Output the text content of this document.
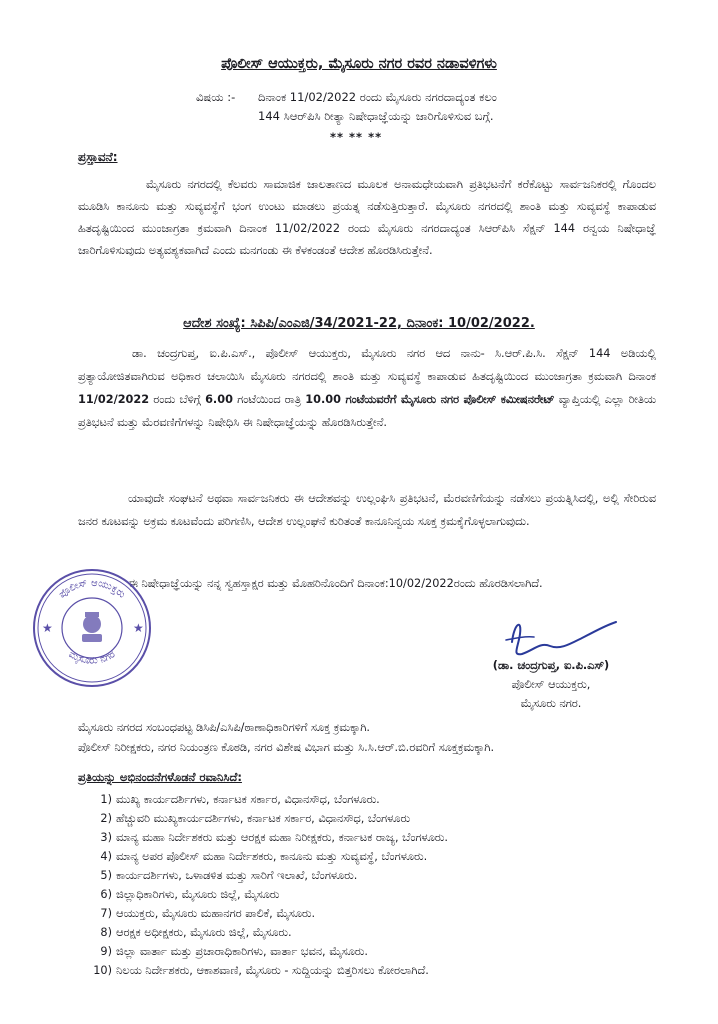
ಪೊಲೀಸ್ ಆಯುಕ್ತರು, ಮೈಸೂರು ನಗರ ರವರ ನಡಾವಳಿಗಳು
ವಿಷಯ :- ದಿನಾಂಕ 11/02/2022 ರಂದು ಮೈಸೂರು ನಗರದಾದ್ಯಂತ ಕಲಂ
144 ಸಿಆರ್‌ಪಿಸಿ ರೀತ್ಯಾ ನಿಷೇಧಾಜ್ಞೆಯನ್ನು ಜಾರಿಗೊಳಿಸುವ ಬಗ್ಗೆ.
** ** **
ಪ್ರಸ್ತಾವನೆ:
ಮೈಸೂರು ನಗರದಲ್ಲಿ ಕೆಲವರು ಸಾಮಾಜಿಕ ಜಾಲತಾಣದ ಮೂಲಕ ಅನಾಮಧೇಯವಾಗಿ ಪ್ರತಿಭಟನೆಗೆ ಕರೆಕೊಟ್ಟು ಸಾರ್ವಜನಿಕರಲ್ಲಿ ಗೊಂದಲ ಮೂಡಿಸಿ ಕಾನೂನು ಮತ್ತು ಸುವ್ಯವಸ್ಥೆಗೆ ಭಂಗ ಉಂಟು ಮಾಡಲು ಪ್ರಯತ್ನ ನಡೆಸುತ್ತಿರುತ್ತಾರೆ. ಮೈಸೂರು ನಗರದಲ್ಲಿ ಶಾಂತಿ ಮತ್ತು ಸುವ್ಯವಸ್ಥೆ ಕಾಪಾಡುವ ಹಿತದೃಷ್ಟಿಯಿಂದ ಮುಂಜಾಗ್ರತಾ ಕ್ರಮವಾಗಿ ದಿನಾಂಕ 11/02/2022 ರಂದು ಮೈಸೂರು ನಗರದಾದ್ಯಂತ ಸಿಆರ್‌ಪಿಸಿ ಸೆಕ್ಷನ್ 144 ರನ್ವಯ ನಿಷೇಧಾಜ್ಞೆ ಜಾರಿಗೊಳಿಸುವುದು ಅತ್ಯವಶ್ಯಕವಾಗಿದೆ ಎಂದು ಮನಗಂಡು ಈ ಕೆಳಕಂಡಂತೆ ಆದೇಶ ಹೊರಡಿಸಿರುತ್ತೇನೆ.
ಆದೇಶ ಸಂಖ್ಯೆ: ಸಿಪಿಪಿ/ಎಂಎಜಿ/34/2021-22, ದಿನಾಂಕ: 10/02/2022.
ಡಾ. ಚಂದ್ರಗುಪ್ತ, ಐ.ಪಿ.ಎಸ್., ಪೊಲೀಸ್ ಆಯುಕ್ತರು, ಮೈಸೂರು ನಗರ ಆದ ನಾನು- ಸಿ.ಆರ್.ಪಿ.ಸಿ. ಸೆಕ್ಷನ್ 144 ಅಡಿಯಲ್ಲಿ ಪ್ರತ್ಯಾಯೋಜಿತವಾಗಿರುವ ಅಧಿಕಾರ ಚಲಾಯಿಸಿ ಮೈಸೂರು ನಗರದಲ್ಲಿ ಶಾಂತಿ ಮತ್ತು ಸುವ್ಯವಸ್ಥೆ ಕಾಪಾಡುವ ಹಿತದೃಷ್ಟಿಯಿಂದ ಮುಂಜಾಗ್ರತಾ ಕ್ರಮವಾಗಿ ದಿನಾಂಕ 11/02/2022 ರಂದು ಬೆಳಿಗ್ಗೆ 6.00 ಗಂಟೆಯಿಂದ ರಾತ್ರಿ 10.00 ಗಂಟೆಯವರೆಗೆ ಮೈಸೂರು ನಗರ ಪೊಲೀಸ್ ಕಮೀಷನರೇಟ್ ವ್ಯಾಪ್ತಿಯಲ್ಲಿ ಎಲ್ಲಾ ರೀತಿಯ ಪ್ರತಿಭಟನೆ ಮತ್ತು ಮೆರವಣಿಗೆಗಳನ್ನು ನಿಷೇಧಿಸಿ ಈ ನಿಷೇಧಾಜ್ಞೆಯನ್ನು ಹೊರಡಿಸಿರುತ್ತೇನೆ.
ಯಾವುದೇ ಸಂಘಟನೆ ಅಥವಾ ಸಾರ್ವಜನಿಕರು ಈ ಆದೇಶವನ್ನು ಉಲ್ಲಂಘಿಸಿ ಪ್ರತಿಭಟನೆ, ಮೆರವಣಿಗೆಯನ್ನು ನಡೆಸಲು ಪ್ರಯತ್ನಿಸಿದಲ್ಲಿ, ಅಲ್ಲಿ ಸೇರಿರುವ ಜನರ ಕೂಟವನ್ನು ಅಕ್ರಮ ಕೂಟವೆಂದು ಪರಿಗಣಿಸಿ, ಆದೇಶ ಉಲ್ಲಂಘನೆ ಕುರಿತಂತೆ ಕಾನೂನಿನ್ವಯ ಸೂಕ್ತ ಕ್ರಮಕೈಗೊಳ್ಳಲಾಗುವುದು.
ಈ ನಿಷೇಧಾಜ್ಞೆಯನ್ನು ನನ್ನ ಸ್ವಹಸ್ತಾಕ್ಷರ ಮತ್ತು ಮೊಹರಿನೊಂದಿಗೆ ದಿನಾಂಕ:10/02/2022ರಂದು ಹೊರಡಿಸಲಾಗಿದೆ.
ಪೊಲೀಸ್ ಆಯುಕ್ತರು
ಮೈಸೂರು ನಗರ
★	★
(ಡಾ. ಚಂದ್ರಗುಪ್ತ, ಐ.ಪಿ.ಎಸ್)
ಪೊಲೀಸ್ ಆಯುಕ್ತರು,
ಮೈಸೂರು ನಗರ.
ಮೈಸೂರು ನಗರದ ಸಂಬಂಧಪಟ್ಟ ಡಿಸಿಪಿ/ಎಸಿಪಿ/ಠಾಣಾಧಿಕಾರಿಗಳಿಗೆ ಸೂಕ್ತ ಕ್ರಮಕ್ಕಾಗಿ.
ಪೊಲೀಸ್ ನಿರೀಕ್ಷಕರು, ನಗರ ನಿಯಂತ್ರಣ ಕೊಠಡಿ, ನಗರ ವಿಶೇಷ ವಿಭಾಗ ಮತ್ತು ಸಿ.ಸಿ.ಆರ್.ಬಿ.ರವರಿಗೆ ಸೂಕ್ತಕ್ರಮಕ್ಕಾಗಿ.
ಪ್ರತಿಯನ್ನು ಅಭಿನಂದನೆಗಳೊಡನೆ ರವಾನಿಸಿದೆ:
1) ಮುಖ್ಯ ಕಾರ್ಯದರ್ಶಿಗಳು, ಕರ್ನಾಟಕ ಸರ್ಕಾರ, ವಿಧಾನಸೌಧ, ಬೆಂಗಳೂರು.
2) ಹೆಚ್ಚುವರಿ ಮುಖ್ಯಕಾರ್ಯದರ್ಶಿಗಳು, ಕರ್ನಾಟಕ ಸರ್ಕಾರ, ವಿಧಾನಸೌಧ, ಬೆಂಗಳೂರು
3) ಮಾನ್ಯ ಮಹಾ ನಿರ್ದೇಶಕರು ಮತ್ತು ಆರಕ್ಷಕ ಮಹಾ ನಿರೀಕ್ಷಕರು, ಕರ್ನಾಟಕ ರಾಜ್ಯ, ಬೆಂಗಳೂರು.
4) ಮಾನ್ಯ ಅಪರ ಪೊಲೀಸ್ ಮಹಾ ನಿರ್ದೇಶಕರು, ಕಾನೂನು ಮತ್ತು ಸುವ್ಯವಸ್ಥೆ, ಬೆಂಗಳೂರು.
5) ಕಾರ್ಯದರ್ಶಿಗಳು, ಒಳಾಡಳಿತ ಮತ್ತು ಸಾರಿಗೆ ಇಲಾಖೆ, ಬೆಂಗಳೂರು.
6) ಜಿಲ್ಲಾಧಿಕಾರಿಗಳು, ಮೈಸೂರು ಜಿಲ್ಲೆ, ಮೈಸೂರು
7) ಆಯುಕ್ತರು, ಮೈಸೂರು ಮಹಾನಗರ ಪಾಲಿಕೆ, ಮೈಸೂರು.
8) ಆರಕ್ಷಕ ಅಧೀಕ್ಷಕರು, ಮೈಸೂರು ಜಿಲ್ಲೆ, ಮೈಸೂರು.
9) ಜಿಲ್ಲಾ ವಾರ್ತಾ ಮತ್ತು ಪ್ರಚಾರಾಧಿಕಾರಿಗಳು, ವಾರ್ತಾ ಭವನ, ಮೈಸೂರು.
10) ನಿಲಯ ನಿರ್ದೇಶಕರು, ಆಕಾಶವಾಣಿ, ಮೈಸೂರು - ಸುದ್ದಿಯನ್ನು ಬಿತ್ತರಿಸಲು ಕೋರಲಾಗಿದೆ.
